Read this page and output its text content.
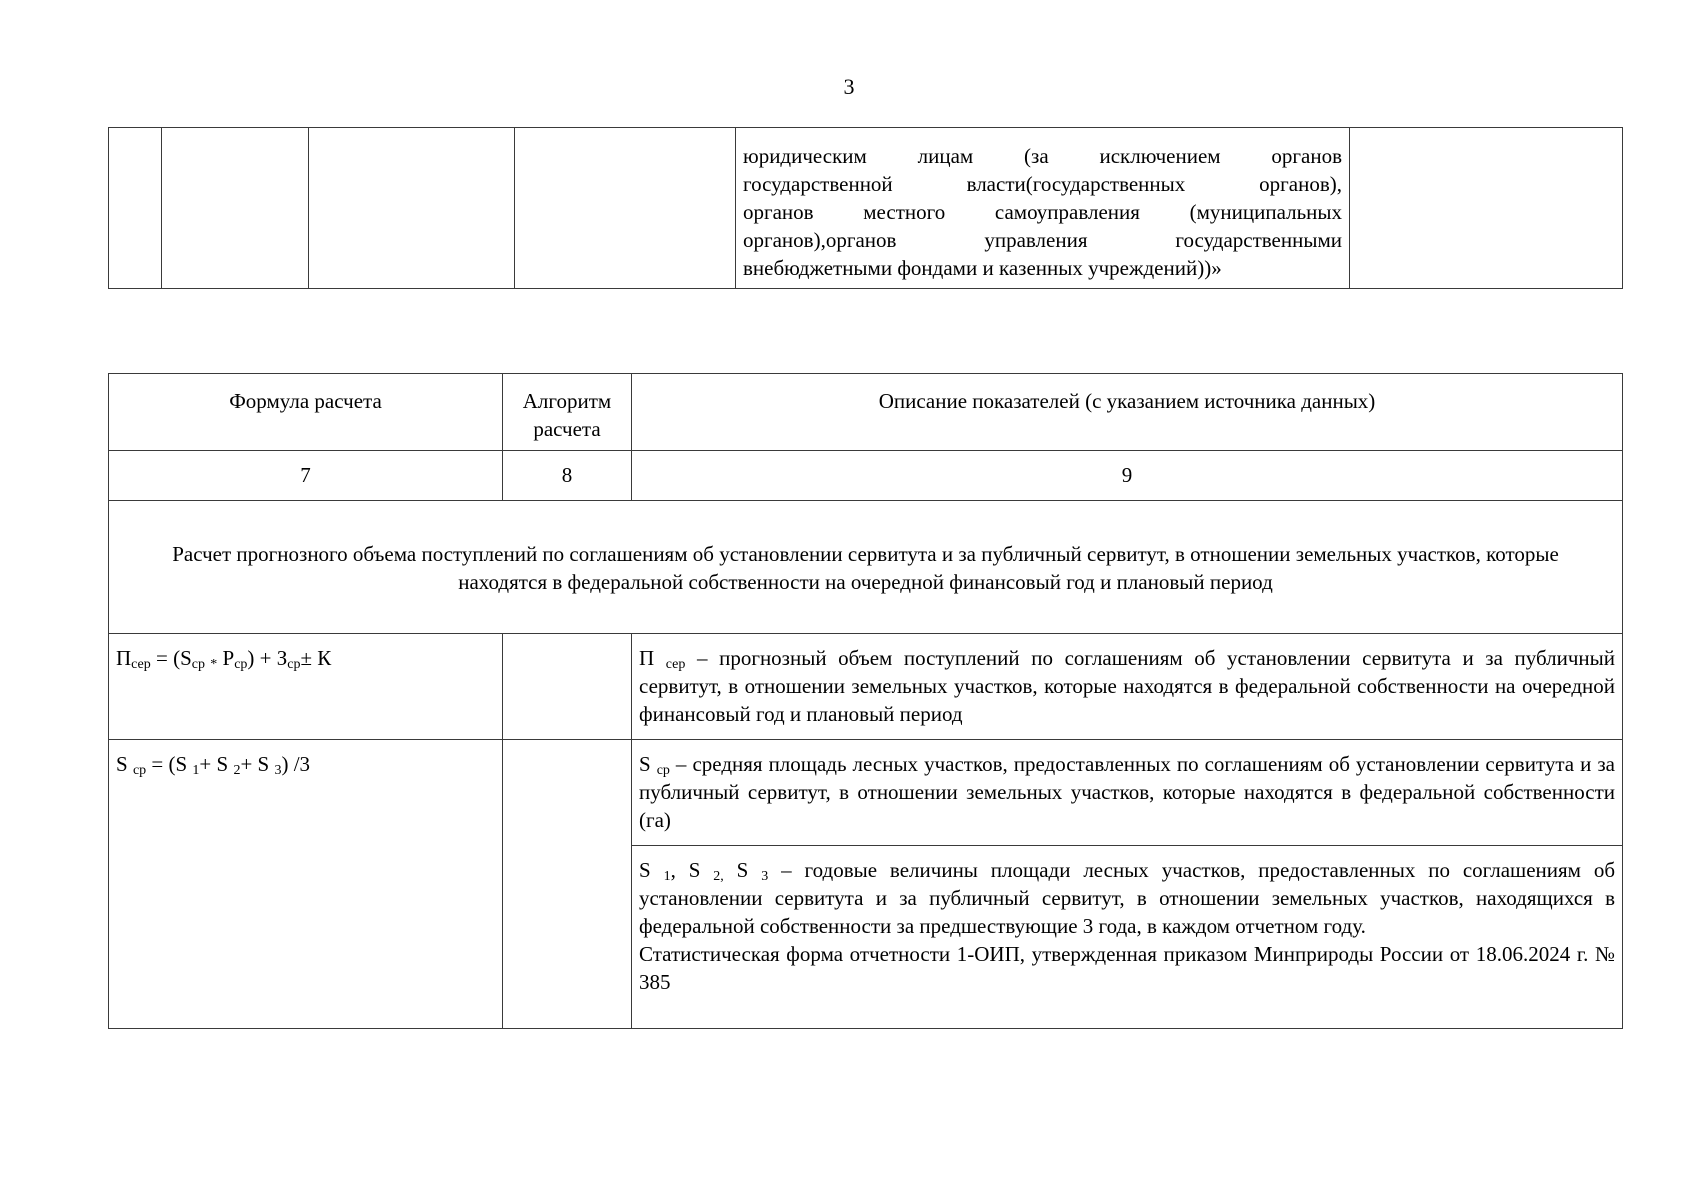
3

юридическим лицам (за исключением органов
государственной власти(государственных органов),
органов местного самоуправления (муниципальных
органов),органов управления государственными
внебюджетными фондами и казенных учреждений))»

Формула расчета	Алгоритм расчета	Описание показателей (с указанием источника данных)
7	8	9
Расчет прогнозного объема поступлений по соглашениям об установлении сервитута и за публичный сервитут, в отношении земельных участков, которые находятся в федеральной собственности на очередной финансовый год и плановый период		
$П_{сер} = (S_{ср}$ $_*$ $Р_{ср}) + З_{ср}\pm К$		П $_{сер}$ – прогнозный объем поступлений по соглашениям об установлении сервитута и за публичный сервитут, в отношении земельных участков, которые находятся в федеральной собственности на очередной финансовый год и плановый период
S $_{ср}$ = (S $_1$+ S $_2$+ S $_3$) /3		S $_{ср}$ – средняя площадь лесных участков, предоставленных по соглашениям об установлении сервитута и за публичный сервитут, в отношении земельных участков, которые находятся в федеральной собственности (га)

		S $_1$, S $_{2,}$ S $_3$ – годовые величины площади лесных участков, предоставленных по соглашениям об установлении сервитута и за публичный сервитут, в отношении земельных участков, находящихся в федеральной собственности за предшествующие 3 года, в каждом отчетном году.
Статистическая форма отчетности 1-ОИП, утвержденная приказом Минприроды России от 18.06.2024 г. № 385
